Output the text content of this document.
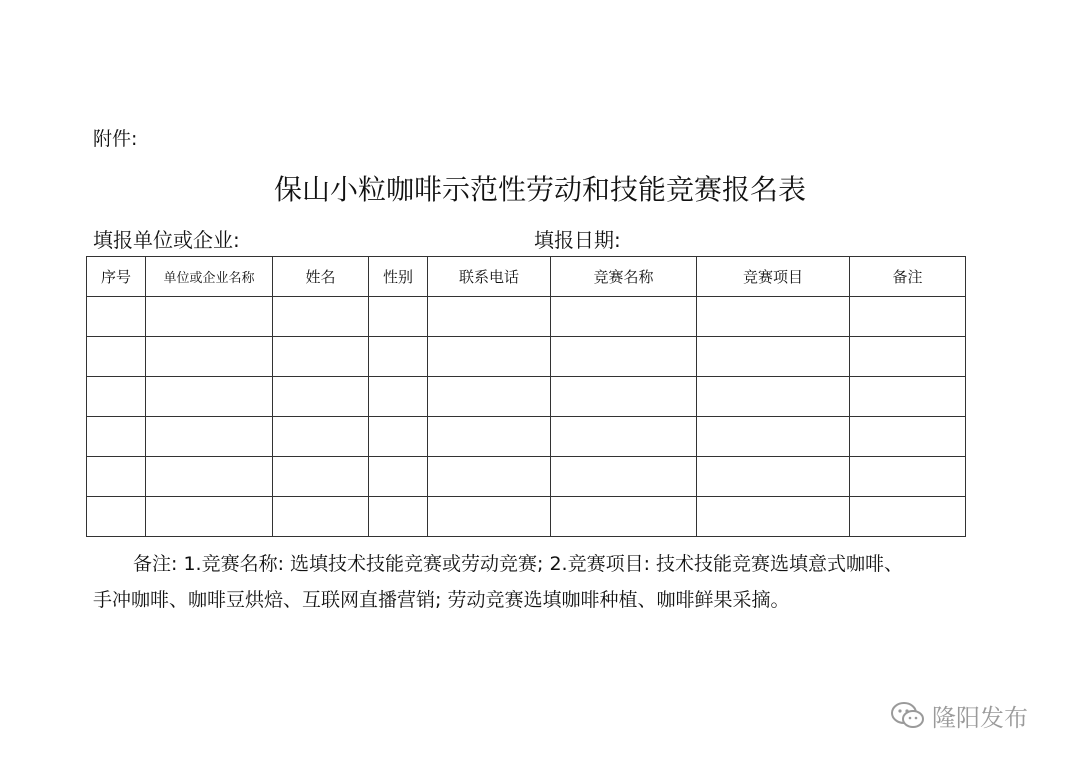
附件:
保山小粒咖啡示范性劳动和技能竞赛报名表
填报单位或企业:	填报日期:
序号	单位或企业名称	姓名	性别	联系电话	竞赛名称	竞赛项目	备注

备注: 1.竞赛名称: 选填技术技能竞赛或劳动竞赛; 2.竞赛项目: 技术技能竞赛选填意式咖啡、
手冲咖啡、咖啡豆烘焙、互联网直播营销; 劳动竞赛选填咖啡种植、咖啡鲜果采摘。
隆阳发布
